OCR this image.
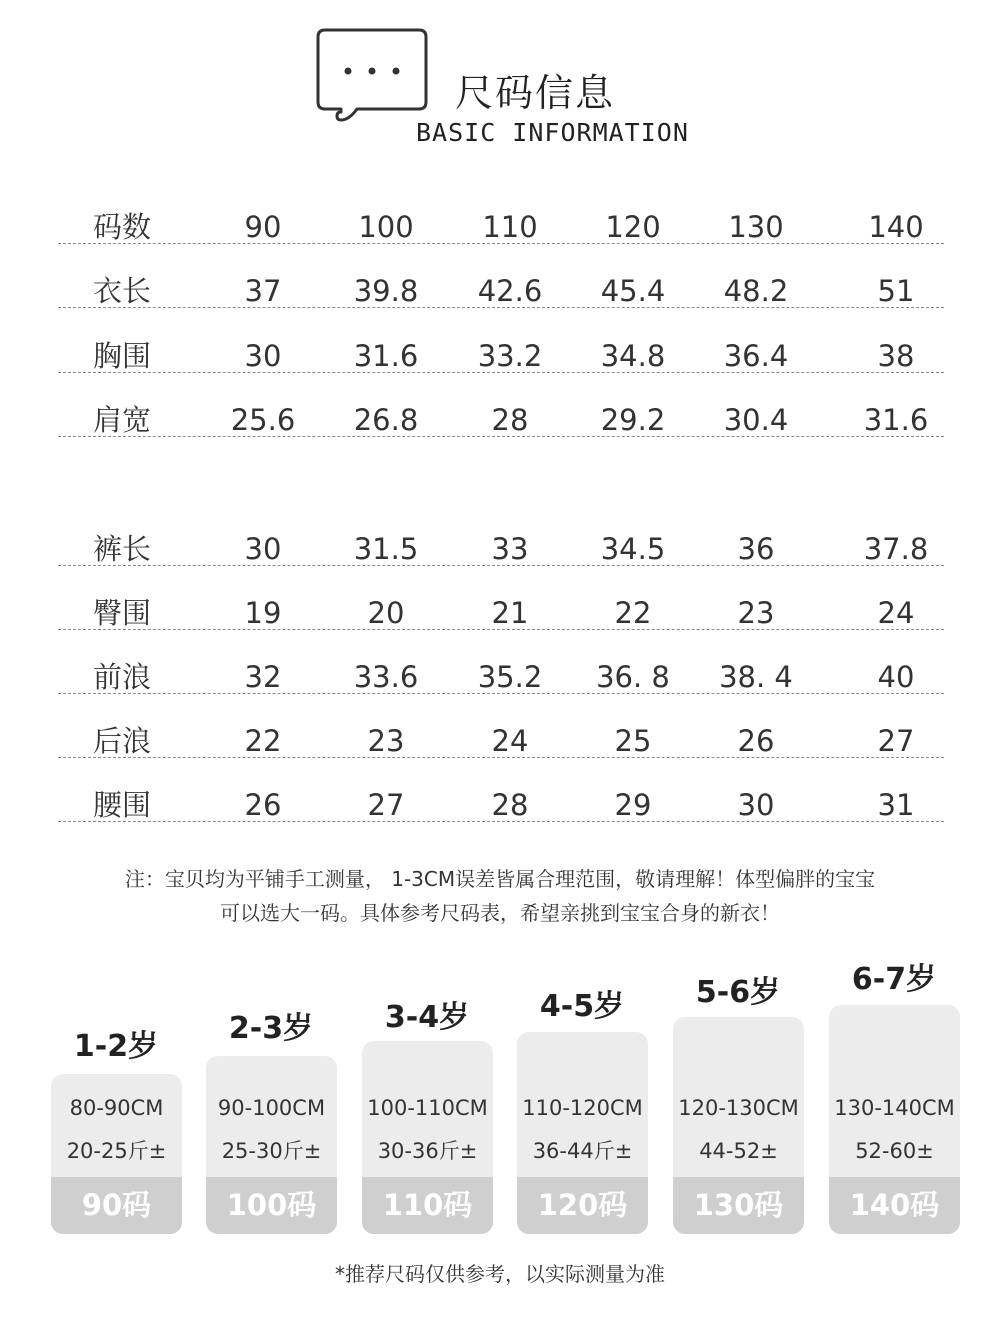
尺码信息
BASIC INFORMATION
码数	90	100	110	120	130	140
衣长	37	39.8	42.6	45.4	48.2	51
胸围	30	31.6	33.2	34.8	36.4	38
肩宽	25.6	26.8	28	29.2	30.4	31.6
裤长	30	31.5	33	34.5	36	37.8
臀围	19	20	21	22	23	24
前浪	32	33.6	35.2	36. 8	38. 4	40
后浪	22	23	24	25	26	27
腰围	26	27	28	29	30	31
注：宝贝均为平铺手工测量， 1-3CM误差皆属合理范围，敬请理解！体型偏胖的宝宝
可以选大一码。具体参考尺码表，希望亲挑到宝宝合身的新衣！
1-2岁
80-90CM
20-25斤±
90码
2-3岁
90-100CM
25-30斤±
100码
3-4岁
100-110CM
30-36斤±
110码
4-5岁
110-120CM
36-44斤±
120码
5-6岁
120-130CM
44-52±
130码
6-7岁
130-140CM
52-60±
140码
*推荐尺码仅供参考，以实际测量为准
